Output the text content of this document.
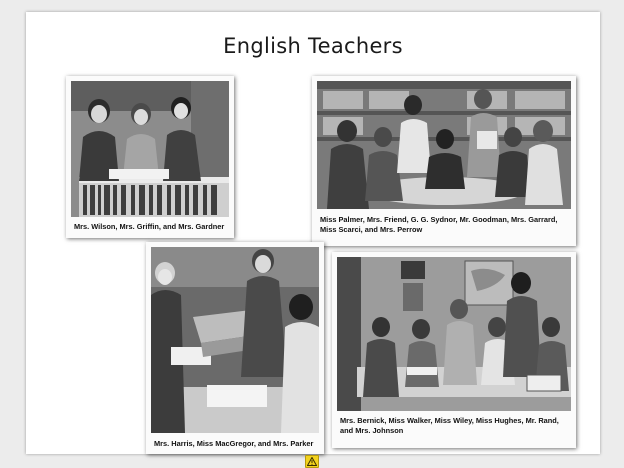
English Teachers
Mrs. Wilson, Mrs. Griffin, and Mrs. Gardner
Miss Palmer, Mrs. Friend, G. G. Sydnor, Mr. Goodman, Mrs. Garrard, Miss Scarci, and Mrs. Perrow
Mrs. Harris, Miss MacGregor, and Mrs. Parker
Mrs. Bernick, Miss Walker, Miss Wiley, Miss Hughes, Mr. Rand, and Mrs. Johnson
